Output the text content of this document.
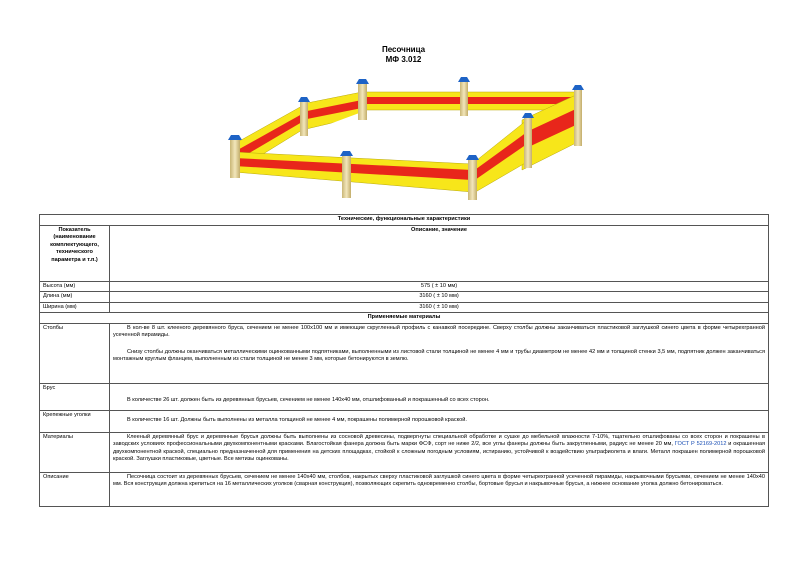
Песочница
МФ 3.012
Технические, функциональные характеристики	
Показатель (наименование комплектующего, технического параметра и т.п.)	Описание, значение
Высота (мм)	575 ( ± 10 мм)
Длина (мм)	3160 ( ± 10 мм)
Ширина (мм)	3160 ( ± 10 мм)
Применяемые материалы	
Столбы	В кол-ве 8 шт. клееного деревянного бруса, сечением не менее 100х100 мм и имеющие скругленный профиль с канавкой посередине. Сверху столбы должны заканчиваться пластиковой заглушкой синего цвета в форме четырехгранной усеченной пирамиды.

Снизу столбы должны оканчиваться металлическими оцинкованными подпятниками, выполненными из листовой стали толщиной не менее 4 мм и трубы диаметром не менее 42 мм и толщиной стенки 3,5 мм, подпятник должен заканчиваться монтажным круглым фланцем, выполненным из стали толщиной не менее 3 мм, которые бетонируются в землю.

Брус	В количестве 26 шт. должен быть из деревянных брусьев, сечением не менее 140х40 мм, отшлифованный и покрашенный со всех сторон.

Крепежные уголки	В количестве 16 шт. Должны быть выполнены из металла толщиной не менее 4 мм, покрашены полимерной порошковой краской.

Материалы	Клееный деревянный брус и деревянные брусья должны быть выполнены из сосновой древесины, подвергнуты специальной обработке и сушке до мебельной влажности 7-10%, тщательно отшлифованы со всех сторон и покрашены в заводских условиях профессиональными двухкомпонентными красками. Влагостойкая фанера должна быть марки ФСФ, сорт не ниже 2/2, все углы фанеры должны быть закругленными, радиус не менее 20 мм, ГОСТ Р 52169-2012 и окрашенная двухкомпонентной краской, специально предназначенной для применения на детских площадках, стойкой к сложным погодным условиям, истиранию, устойчивой к воздействию ультрафиолета и влаги. Металл покрашен полимерной порошковой краской. Заглушки пластиковые, цветные. Все метизы оцинкованы.

Описание	Песочница состоит из деревянных брусьев, сечением не менее 140х40 мм, столбов, накрытых сверху пластиковой заглушкой синего цвета в форме четырехгранной усеченной пирамиды, накрывочными брусьями, сечением не менее 140х40 мм. Вся конструкция должна крепиться на 16 металлических уголков (сварная конструкция), позволяющих скрепить одновременно столбы, бортовые брусья и накрывочные брусья, а нижнее основание уголка должно бетонироваться.
